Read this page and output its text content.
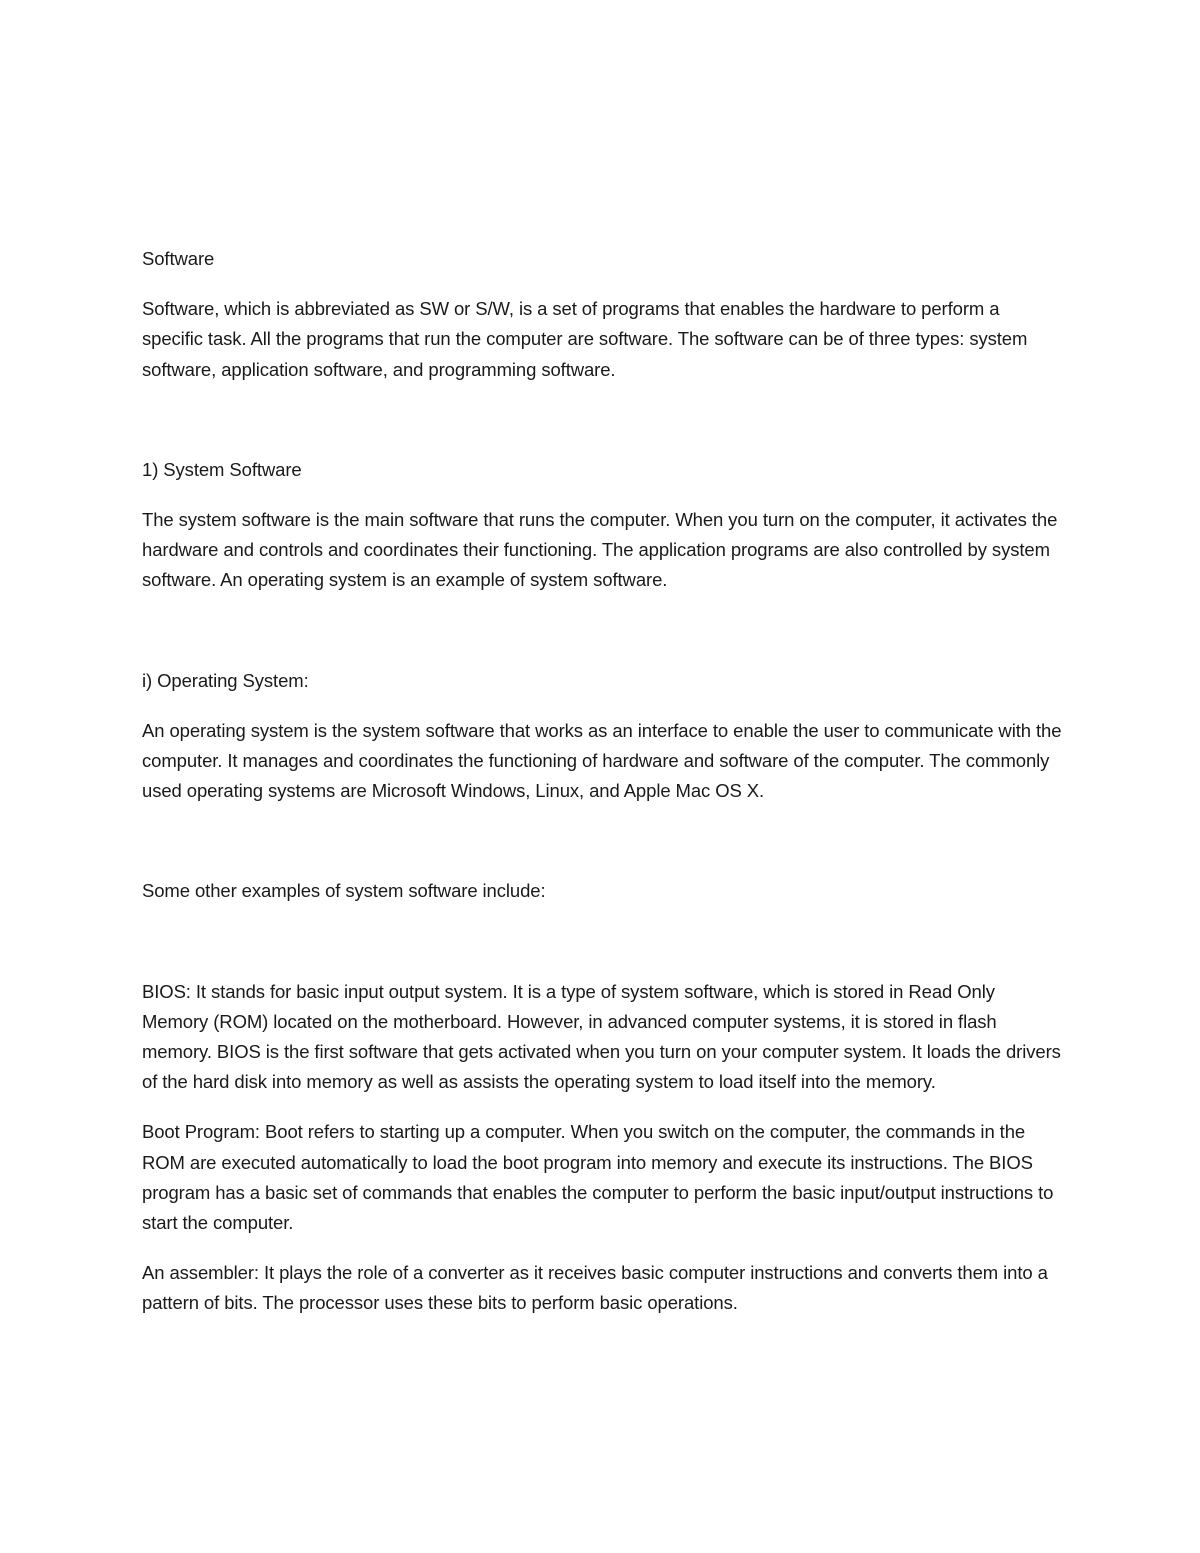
Software

Software, which is abbreviated as SW or S/W, is a set of programs that enables the hardware to perform a specific task. All the programs that run the computer are software. The software can be of three types: system software, application software, and programming software.

1) System Software

The system software is the main software that runs the computer. When you turn on the computer, it activates the hardware and controls and coordinates their functioning. The application programs are also controlled by system software. An operating system is an example of system software.

i) Operating System:

An operating system is the system software that works as an interface to enable the user to communicate with the computer. It manages and coordinates the functioning of hardware and software of the computer. The commonly used operating systems are Microsoft Windows, Linux, and Apple Mac OS X.

Some other examples of system software include:

BIOS: It stands for basic input output system. It is a type of system software, which is stored in Read Only Memory (ROM) located on the motherboard. However, in advanced computer systems, it is stored in flash memory. BIOS is the first software that gets activated when you turn on your computer system. It loads the drivers of the hard disk into memory as well as assists the operating system to load itself into the memory.

Boot Program: Boot refers to starting up a computer. When you switch on the computer, the commands in the ROM are executed automatically to load the boot program into memory and execute its instructions. The BIOS program has a basic set of commands that enables the computer to perform the basic input/output instructions to start the computer.

An assembler: It plays the role of a converter as it receives basic computer instructions and converts them into a pattern of bits. The processor uses these bits to perform basic operations.
